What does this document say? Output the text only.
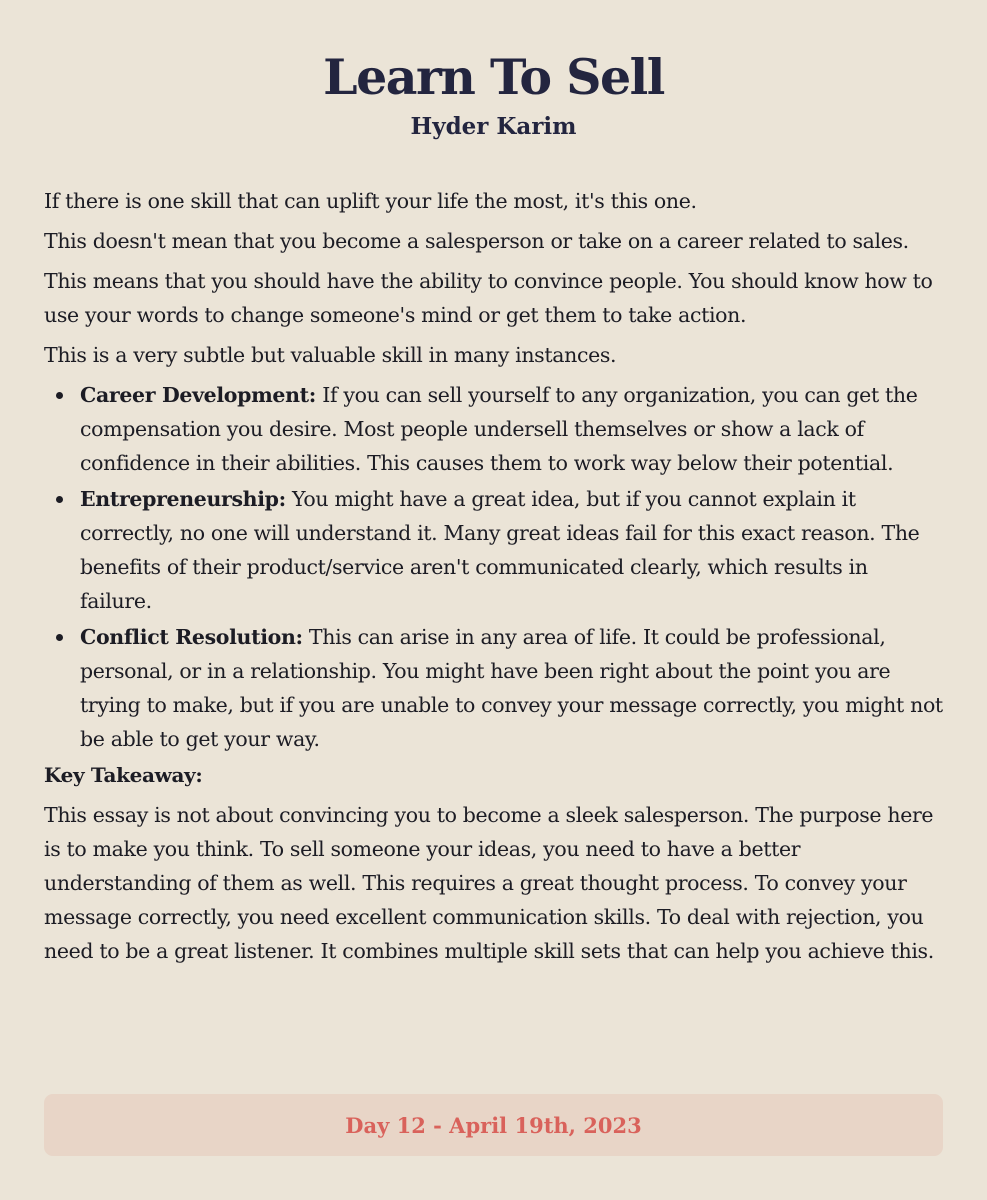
Learn To Sell
Hyder Karim

If there is one skill that can uplift your life the most, it's this one.

This doesn't mean that you become a salesperson or take on a career related to sales.

This means that you should have the ability to convince people. You should know how to use your words to change someone's mind or get them to take action.

This is a very subtle but valuable skill in many instances.

Career Development: If you can sell yourself to any organization, you can get the compensation you desire. Most people undersell themselves or show a lack of confidence in their abilities. This causes them to work way below their potential.
Entrepreneurship: You might have a great idea, but if you cannot explain it correctly, no one will understand it. Many great ideas fail for this exact reason. The benefits of their product/service aren't communicated clearly, which results in failure.
Conflict Resolution: This can arise in any area of life. It could be professional, personal, or in a relationship. You might have been right about the point you are trying to make, but if you are unable to convey your message correctly, you might not be able to get your way.

Key Takeaway:

This essay is not about convincing you to become a sleek salesperson. The purpose here is to make you think. To sell someone your ideas, you need to have a better understanding of them as well. This requires a great thought process. To convey your message correctly, you need excellent communication skills. To deal with rejection, you need to be a great listener. It combines multiple skill sets that can help you achieve this.

Day 12 - April 19th, 2023
